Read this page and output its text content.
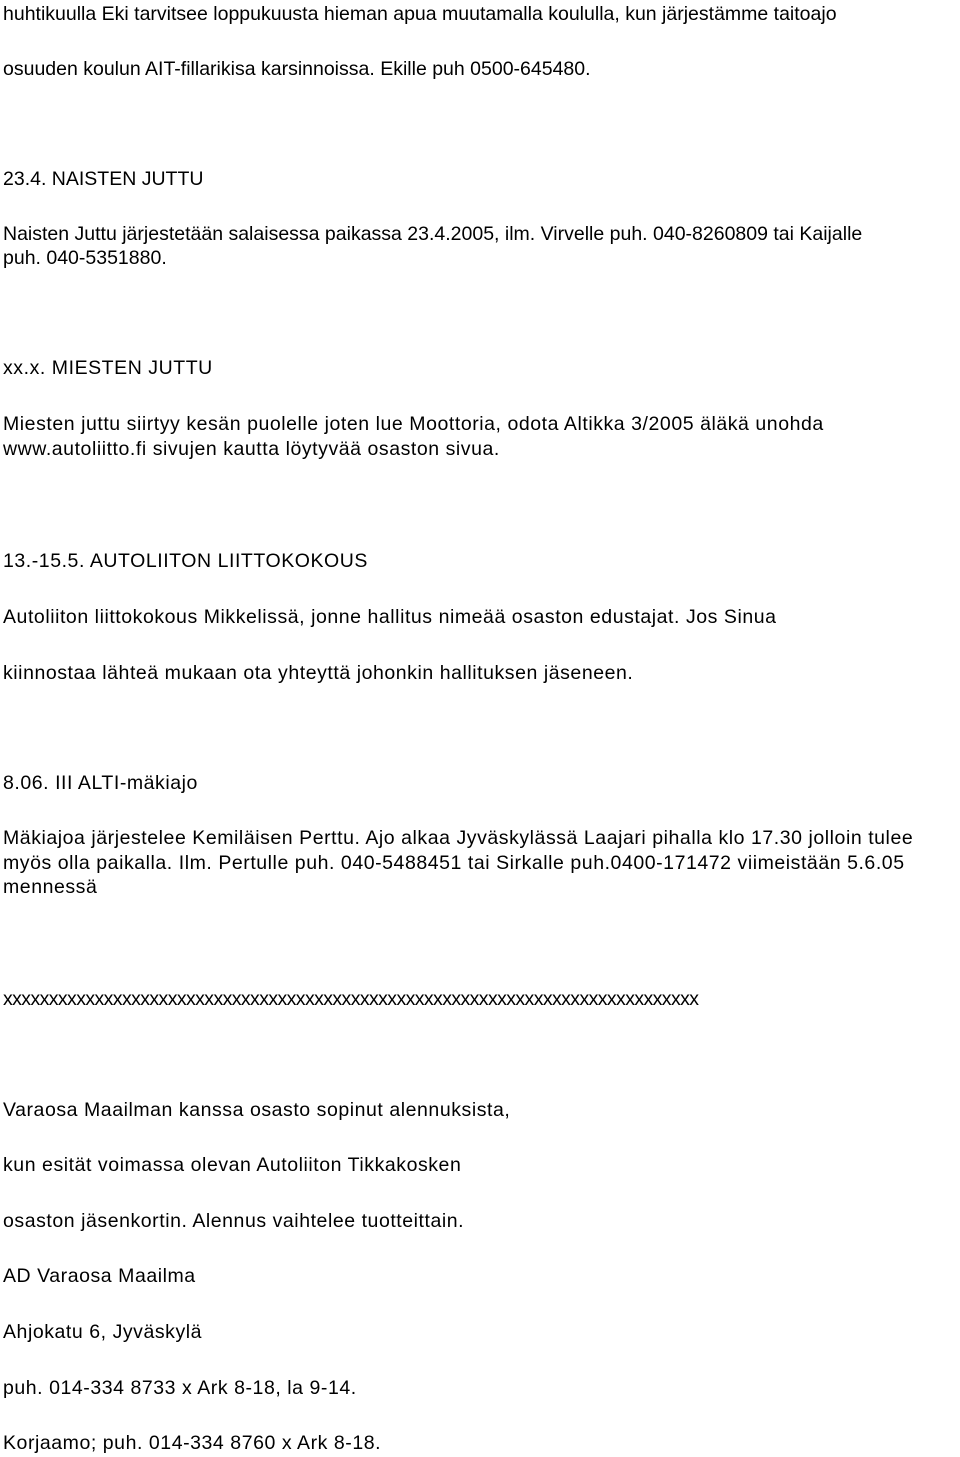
huhtikuulla Eki tarvitsee loppukuusta hieman apua muutamalla koululla, kun järjestämme taitoajo
osuuden koulun AIT-fillarikisa karsinnoissa. Ekille puh 0500-645480.
23.4. NAISTEN JUTTU
Naisten Juttu järjestetään salaisessa paikassa 23.4.2005, ilm. Virvelle puh. 040-8260809 tai Kaijalle
puh. 040-5351880.
xx.x. MIESTEN JUTTU
Miesten juttu siirtyy kesän puolelle joten lue Moottoria, odota Altikka 3/2005 äläkä unohda
www.autoliitto.fi sivujen kautta löytyvää osaston sivua.
13.-15.5. AUTOLIITON LIITTOKOKOUS
Autoliiton liittokokous Mikkelissä, jonne hallitus nimeää osaston edustajat. Jos Sinua
kiinnostaa lähteä mukaan ota yhteyttä johonkin hallituksen jäseneen.
8.06. III ALTI-mäkiajo
Mäkiajoa järjestelee Kemiläisen Perttu. Ajo alkaa Jyväskylässä Laajari pihalla klo 17.30 jolloin tulee
myös olla paikalla. Ilm. Pertulle puh. 040-5488451 tai Sirkalle puh.0400-171472 viimeistään 5.6.05
mennessä
xxxxxxxxxxxxxxxxxxxxxxxxxxxxxxxxxxxxxxxxxxxxxxxxxxxxxxxxxxxxxxxxxxxxxxxxxxxx
Varaosa Maailman kanssa osasto sopinut alennuksista,
kun esität voimassa olevan Autoliiton Tikkakosken
osaston jäsenkortin. Alennus vaihtelee tuotteittain.
AD Varaosa Maailma
Ahjokatu 6, Jyväskylä
puh. 014-334 8733 x Ark 8-18, la 9-14.
Korjaamo; puh. 014-334 8760 x Ark 8-18.
